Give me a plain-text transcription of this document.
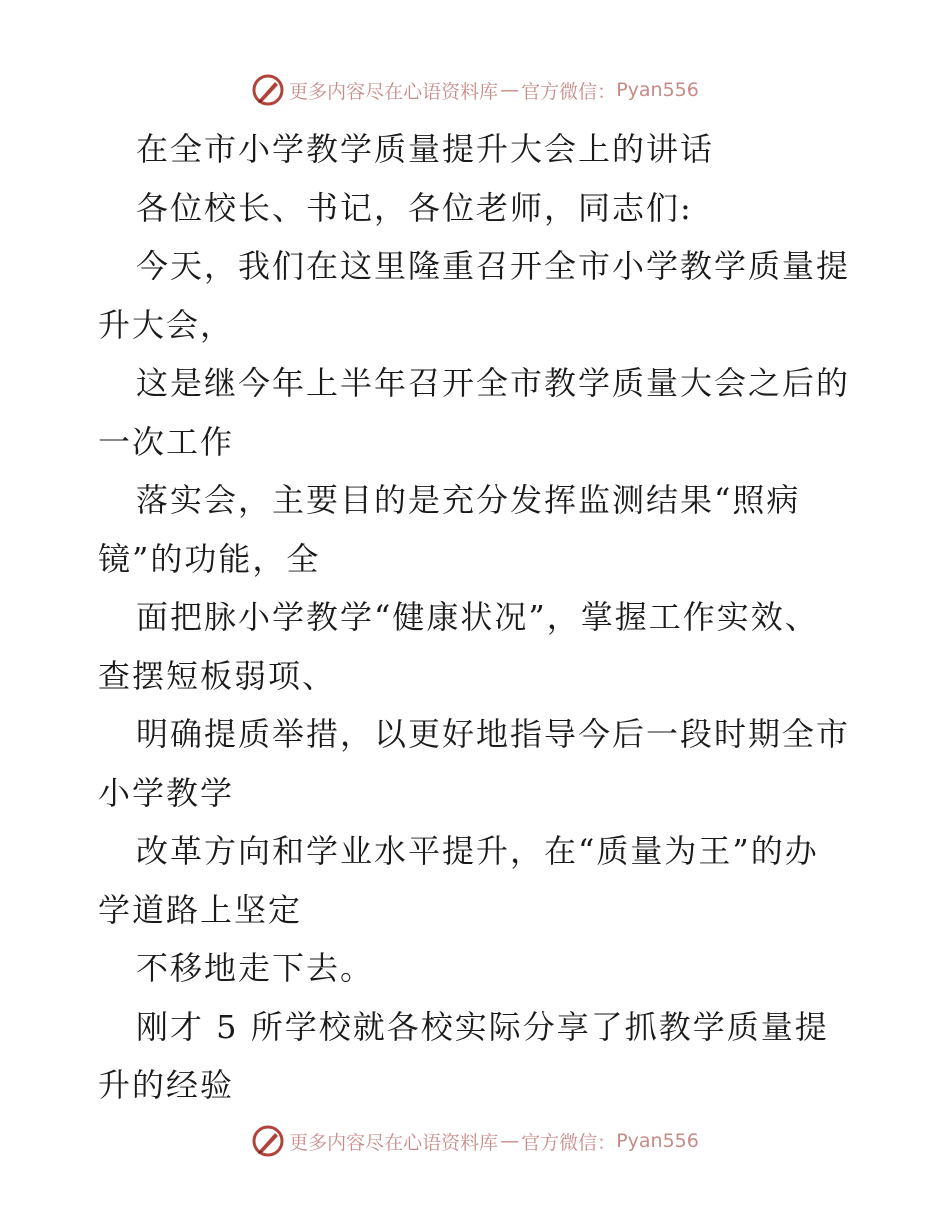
更多内容尽在心语资料库 — 官方微信： Pyan556
在全市小学教学质量提升大会上的讲话
各位校长、书记，各位老师，同志们:
今天，我们在这里隆重召开全市小学教学质量提
升大会，
这是继今年上半年召开全市教学质量大会之后的
一次工作
落实会，主要目的是充分发挥监测结果“照病
镜”的功能，全
面把脉小学教学“健康状况”，掌握工作实效、
查摆短板弱项、
明确提质举措，以更好地指导今后一段时期全市
小学教学
改革方向和学业水平提升，在“质量为王”的办
学道路上坚定
不移地走下去。
刚才 5 所学校就各校实际分享了抓教学质量提
升的经验
更多内容尽在心语资料库 — 官方微信： Pyan556
